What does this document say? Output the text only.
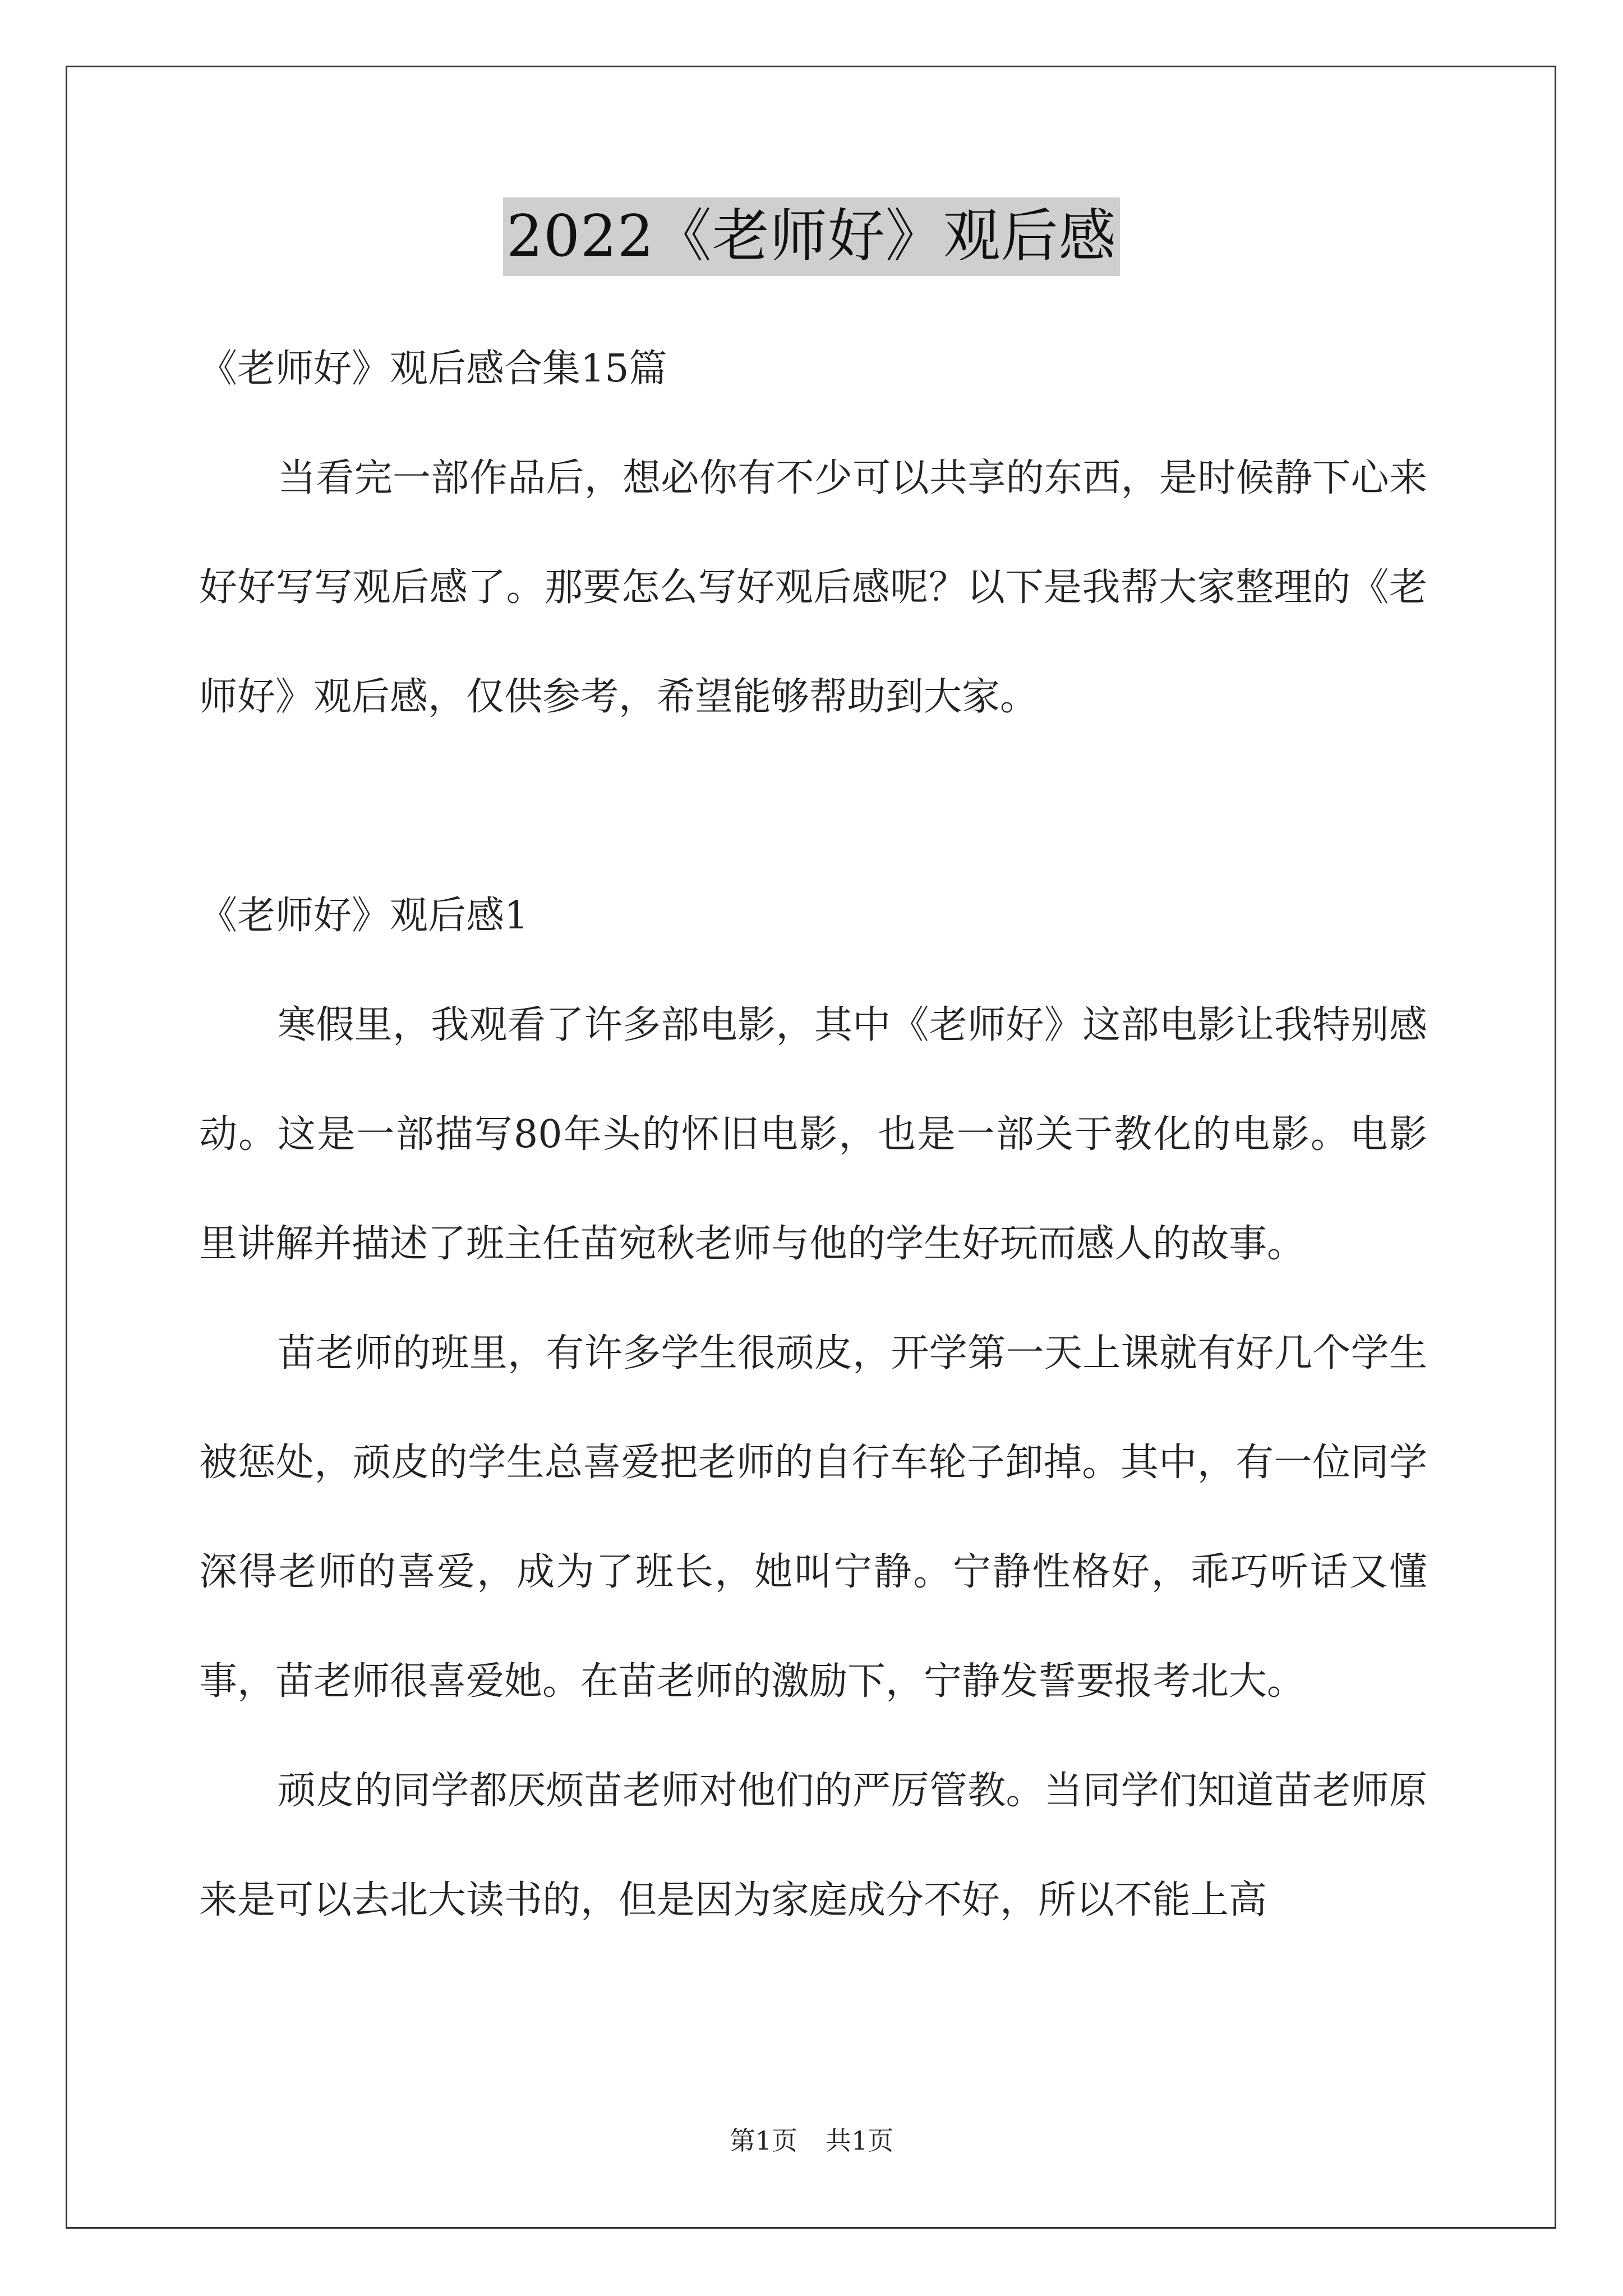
2022《老师好》观后感

《老师好》观后感合集15篇

当看完一部作品后，想必你有不少可以共享的东西，是时候静下心来好好写写观后感了。那要怎么写好观后感呢？以下是我帮大家整理的《老师好》观后感，仅供参考，希望能够帮助到大家。

《老师好》观后感1

寒假里，我观看了许多部电影，其中《老师好》这部电影让我特别感动。这是一部描写80年头的怀旧电影，也是一部关于教化的电影。电影里讲解并描述了班主任苗宛秋老师与他的学生好玩而感人的故事。

苗老师的班里，有许多学生很顽皮，开学第一天上课就有好几个学生被惩处，顽皮的学生总喜爱把老师的自行车轮子卸掉。其中，有一位同学深得老师的喜爱，成为了班长，她叫宁静。宁静性格好，乖巧听话又懂事，苗老师很喜爱她。在苗老师的激励下，宁静发誓要报考北大。

顽皮的同学都厌烦苗老师对他们的严厉管教。当同学们知道苗老师原来是可以去北大读书的，但是因为家庭成分不好，所以不能上高

第1页 共1页
